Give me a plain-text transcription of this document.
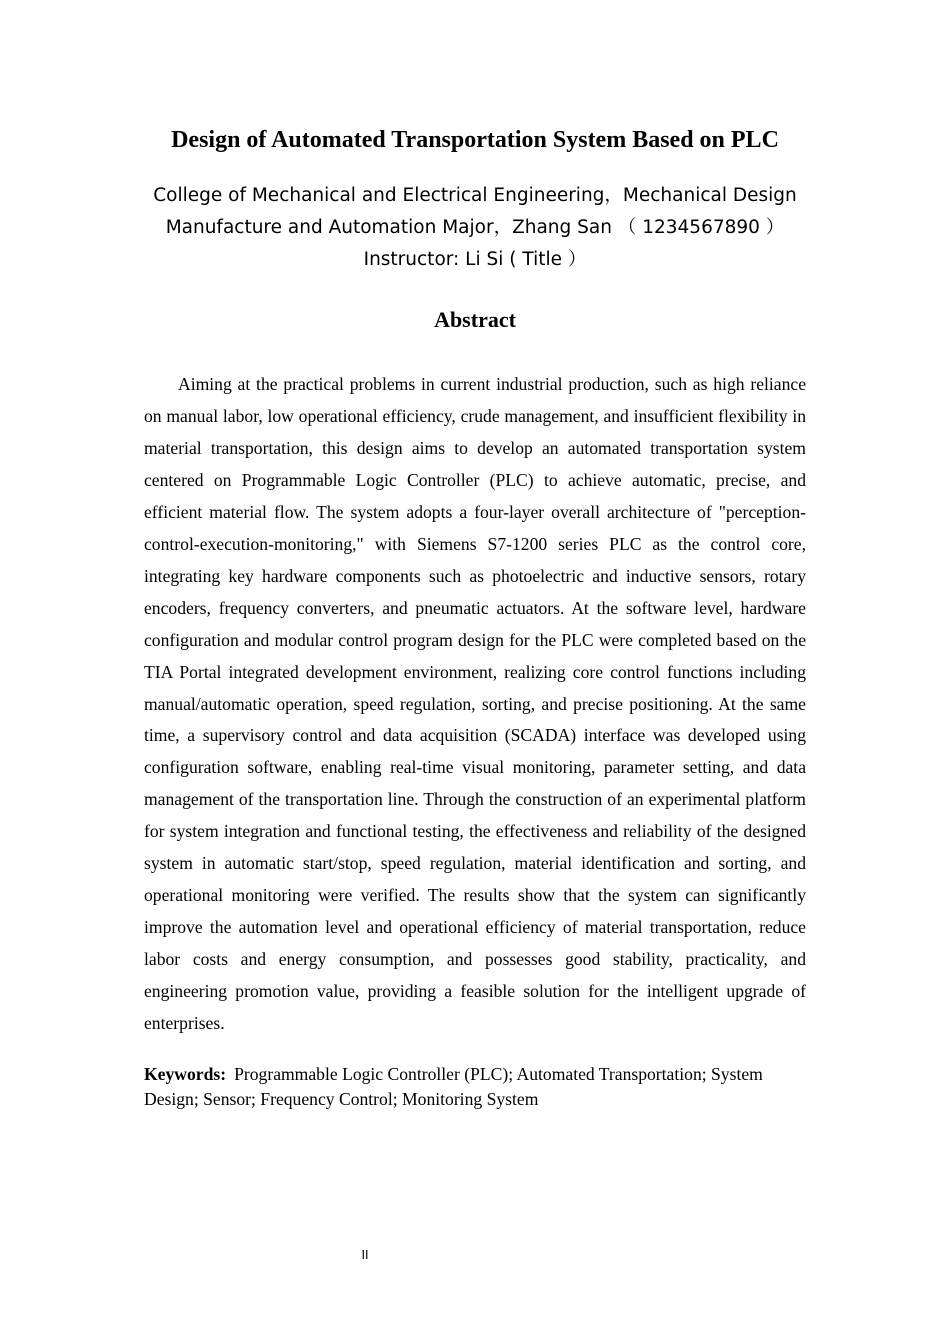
Design of Automated Transportation System Based on PLC
College of Mechanical and Electrical Engineering，Mechanical Design
Manufacture and Automation Major，Zhang San （ 1234567890 ）
Instructor: Li Si ( Title ）
Abstract

Aiming at the practical problems in current industrial production, such as high reliance on manual labor, low operational efficiency, crude management, and insufficient flexibility in material transportation, this design aims to develop an automated transportation system centered on Programmable Logic Controller (PLC) to achieve automatic, precise, and efficient material flow. The system adopts a four-layer overall architecture of "perception-control-execution-monitoring," with Siemens S7-1200 series PLC as the control core, integrating key hardware components such as photoelectric and inductive sensors, rotary encoders, frequency converters, and pneumatic actuators. At the software level, hardware configuration and modular control program design for the PLC were completed based on the TIA Portal integrated development environment, realizing core control functions including manual/automatic operation, speed regulation, sorting, and precise positioning. At the same time, a supervisory control and data acquisition (SCADA) interface was developed using configuration software, enabling real-time visual monitoring, parameter setting, and data management of the transportation line. Through the construction of an experimental platform for system integration and functional testing, the effectiveness and reliability of the designed system in automatic start/stop, speed regulation, material identification and sorting, and operational monitoring were verified. The results show that the system can significantly improve the automation level and operational efficiency of material transportation, reduce labor costs and energy consumption, and possesses good stability, practicality, and engineering promotion value, providing a feasible solution for the intelligent upgrade of enterprises.

Keywords: Programmable Logic Controller (PLC); Automated Transportation; System Design; Sensor; Frequency Control; Monitoring System

II
